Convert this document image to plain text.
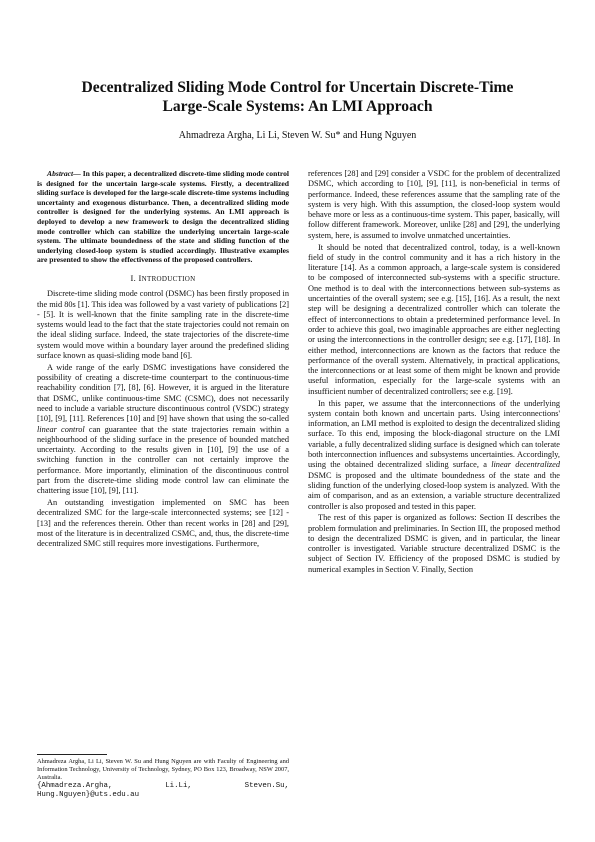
Decentralized Sliding Mode Control for Uncertain Discrete-Time
Large-Scale Systems: An LMI Approach
Ahmadreza Argha, Li Li, Steven W. Su* and Hung Nguyen

Abstract— In this paper, a decentralized discrete-time sliding mode control is designed for the uncertain large-scale systems. Firstly, a decentralized sliding surface is developed for the large-scale discrete-time systems including uncertainty and exogenous disturbance. Then, a decentralized sliding mode controller is designed for the underlying systems. An LMI approach is deployed to develop a new framework to design the decentralized sliding mode controller which can stabilize the underlying uncertain large-scale system. The ultimate boundedness of the state and sliding function of the underlying closed-loop system is studied accordingly. Illustrative examples are presented to show the effectiveness of the proposed controllers.

I. INTRODUCTION

Discrete-time sliding mode control (DSMC) has been firstly proposed in the mid 80s [1]. This idea was followed by a vast variety of publications [2] - [5]. It is well-known that the finite sampling rate in the discrete-time systems would lead to the fact that the state trajectories could not remain on the ideal sliding surface. Indeed, the state trajectories of the discrete-time system would move within a boundary layer around the predefined sliding surface known as quasi-sliding mode band [6].

A wide range of the early DSMC investigations have considered the possibility of creating a discrete-time counterpart to the continuous-time reachability condition [7], [8], [6]. However, it is argued in the literature that DSMC, unlike continuous-time SMC (CSMC), does not necessarily need to include a variable structure discontinuous control (VSDC) strategy [10], [9], [11]. References [10] and [9] have shown that using the so-called linear control can guarantee that the state trajectories remain within a neighbourhood of the sliding surface in the presence of bounded matched uncertainty. According to the results given in [10], [9] the use of a switching function in the controller can not certainly improve the performance. More importantly, elimination of the discontinuous control part from the discrete-time sliding mode control law can eliminate the chattering issue [10], [9], [11].

An outstanding investigation implemented on SMC has been decentralized SMC for the large-scale interconnected systems; see [12] - [13] and the references therein. Other than recent works in [28] and [29], most of the literature is in decentralized CSMC, and, thus, the discrete-time decentralized SMC still requires more investigations. Furthermore,

Ahmadreza Argha, Li Li, Steven W. Su and Hung Nguyen are with Faculty of Engineering and Information Technology, University of Technology, Sydney, PO Box 123, Broadway, NSW 2007, Australia.
{Ahmadreza.Argha, Li.Li, Steven.Su, Hung.Nguyen}@uts.edu.au

references [28] and [29] consider a VSDC for the problem of decentralized DSMC, which according to [10], [9], [11], is non-beneficial in terms of performance. Indeed, these references assume that the sampling rate of the system is very high. With this assumption, the closed-loop system would behave more or less as a continuous-time system. This paper, basically, will follow different framework. Moreover, unlike [28] and [29], the underlying system, here, is assumed to involve unmatched uncertainties.

It should be noted that decentralized control, today, is a well-known field of study in the control community and it has a rich history in the literature [14]. As a common approach, a large-scale system is considered to be composed of interconnected sub-systems with a specific structure. One method is to deal with the interconnections between sub-systems as uncertainties of the overall system; see e.g. [15], [16]. As a result, the next step will be designing a decentralized controller which can tolerate the effect of interconnections to obtain a predetermined performance level. In order to achieve this goal, two imaginable approaches are either neglecting or using the interconnections in the controller design; see e.g. [17], [18]. In either method, interconnections are known as the factors that reduce the performance of the overall system. Alternatively, in practical applications, the interconnections or at least some of them might be known and provide useful information, especially for the large-scale systems with an insufficient number of decentralized controllers; see e.g. [19].

In this paper, we assume that the interconnections of the underlying system contain both known and uncertain parts. Using interconnections' information, an LMI method is exploited to design the decentralized sliding surface. To this end, imposing the block-diagonal structure on the LMI variable, a fully decentralized sliding surface is designed which can tolerate both interconnection influences and subsystems uncertainties. Accordingly, using the obtained decentralized sliding surface, a linear decentralized DSMC is proposed and the ultimate boundedness of the state and the sliding function of the underlying closed-loop system is analyzed. With the aim of comparison, and as an extension, a variable structure decentralized controller is also proposed and tested in this paper.

The rest of this paper is organized as follows: Section II describes the problem formulation and preliminaries. In Section III, the proposed method to design the decentralized DSMC is given, and in particular, the linear controller is investigated. Variable structure decentralized DSMC is the subject of Section IV. Efficiency of the proposed DSMC is studied by numerical examples in Section V. Finally, Section
